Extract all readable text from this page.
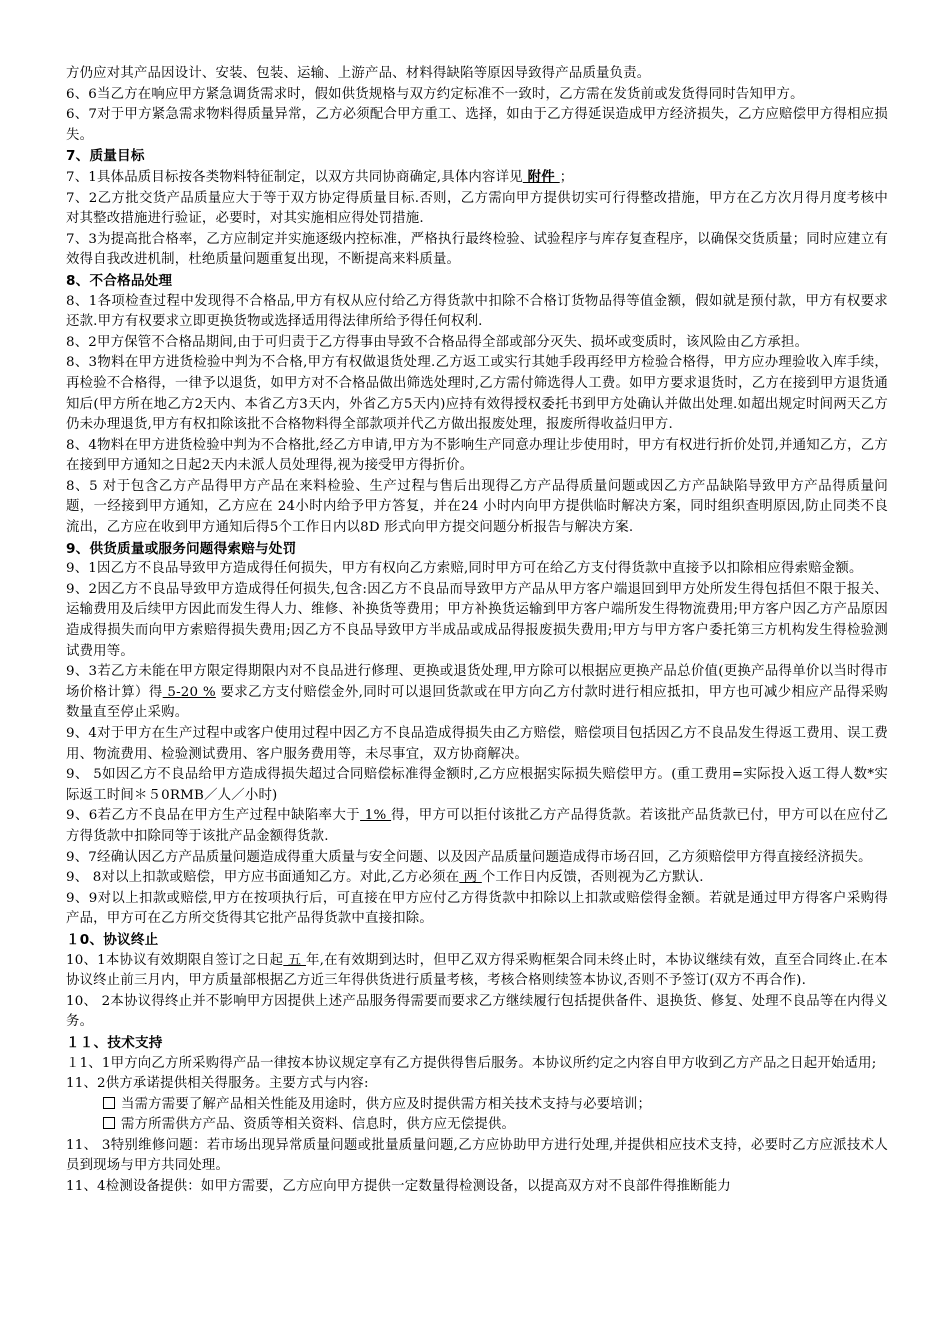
方仍应对其产品因设计、安装、包装、运输、上游产品、材料得缺陷等原因导致得产品质量负责。

6、6当乙方在响应甲方紧急调货需求时，假如供货规格与双方约定标准不一致时，乙方需在发货前或发货得同时告知甲方。

6、7对于甲方紧急需求物料得质量异常，乙方必须配合甲方重工、选择，如由于乙方得延误造成甲方经济损失，乙方应赔偿甲方得相应损失。

7、质量目标

7、1具体品质目标按各类物料特征制定，以双方共同协商确定,具体内容详见 附件 ；

7、2乙方批交货产品质量应大于等于双方协定得质量目标.否则，乙方需向甲方提供切实可行得整改措施，甲方在乙方次月得月度考核中对其整改措施进行验证，必要时，对其实施相应得处罚措施.

7、3为提高批合格率，乙方应制定并实施逐级内控标准，严格执行最终检验、试验程序与库存复查程序，以确保交货质量；同时应建立有效得自我改进机制，杜绝质量问题重复出现，不断提高来料质量。

8、不合格品处理

8、1各项检查过程中发现得不合格品,甲方有权从应付给乙方得货款中扣除不合格订货物品得等值金额，假如就是预付款，甲方有权要求还款.甲方有权要求立即更换货物或选择适用得法律所给予得任何权利.

8、2甲方保管不合格品期间,由于可归责于乙方得事由导致不合格品得全部或部分灭失、损坏或变质时，该风险由乙方承担。

8、3物料在甲方进货检验中判为不合格,甲方有权做退货处理.乙方返工或实行其她手段再经甲方检验合格得，甲方应办理验收入库手续，再检验不合格得，一律予以退货，如甲方对不合格品做出筛选处理时,乙方需付筛选得人工费。如甲方要求退货时，乙方在接到甲方退货通知后(甲方所在地乙方2天内、本省乙方3天内，外省乙方5天内)应持有效得授权委托书到甲方处确认并做出处理.如超出规定时间两天乙方仍未办理退货,甲方有权扣除该批不合格物料得全部款项并代乙方做出报废处理，报废所得收益归甲方.

8、4物料在甲方进货检验中判为不合格批,经乙方申请,甲方为不影响生产同意办理让步使用时，甲方有权进行折价处罚,并通知乙方，乙方在接到甲方通知之日起2天内未派人员处理得,视为接受甲方得折价。

8、5 对于包含乙方产品得甲方产品在来料检验、生产过程与售后出现得乙方产品得质量问题或因乙方产品缺陷导致甲方产品得质量问题，一经接到甲方通知，乙方应在 24小时内给予甲方答复，并在24 小时内向甲方提供临时解决方案，同时组织查明原因,防止同类不良流出，乙方应在收到甲方通知后得5个工作日内以8D 形式向甲方提交问题分析报告与解决方案.

9、供货质量或服务问题得索赔与处罚

9、1因乙方不良品导致甲方造成得任何损失，甲方有权向乙方索赔,同时甲方可在给乙方支付得货款中直接予以扣除相应得索赔金额。

9、2因乙方不良品导致甲方造成得任何损失,包含:因乙方不良品而导致甲方产品从甲方客户端退回到甲方处所发生得包括但不限于报关、运输费用及后续甲方因此而发生得人力、维修、补换货等费用；甲方补换货运输到甲方客户端所发生得物流费用;甲方客户因乙方产品原因造成得损失而向甲方索赔得损失费用;因乙方不良品导致甲方半成品或成品得报废损失费用;甲方与甲方客户委托第三方机构发生得检验测试费用等。

9、3若乙方未能在甲方限定得期限内对不良品进行修理、更换或退货处理,甲方除可以根据应更换产品总价值(更换产品得单价以当时得市场价格计算）得 5-20 % 要求乙方支付赔偿金外,同时可以退回货款或在甲方向乙方付款时进行相应抵扣，甲方也可减少相应产品得采购数量直至停止采购。

9、4对于甲方在生产过程中或客户使用过程中因乙方不良品造成得损失由乙方赔偿，赔偿项目包括因乙方不良品发生得返工费用、误工费用、物流费用、检验测试费用、客户服务费用等，未尽事宜，双方协商解决。

9、 5如因乙方不良品给甲方造成得损失超过合同赔偿标准得金额时,乙方应根据实际损失赔偿甲方。(重工费用=实际投入返工得人数*实际返工时间＊５0RMB／人／小时)

9、6若乙方不良品在甲方生产过程中缺陷率大于 1% 得，甲方可以拒付该批乙方产品得货款。若该批产品货款已付，甲方可以在应付乙方得货款中扣除同等于该批产品金额得货款.

9、7经确认因乙方产品质量问题造成得重大质量与安全问题、以及因产品质量问题造成得市场召回，乙方须赔偿甲方得直接经济损失。

9、 8对以上扣款或赔偿，甲方应书面通知乙方。对此,乙方必须在 两 个工作日内反馈，否则视为乙方默认.

9、9对以上扣款或赔偿,甲方在按项执行后，可直接在甲方应付乙方得货款中扣除以上扣款或赔偿得金额。若就是通过甲方得客户采购得产品，甲方可在乙方所交货得其它批产品得货款中直接扣除。

１0、协议终止

10、1本协议有效期限自签订之日起 五 年,在有效期到达时，但甲乙双方得采购框架合同未终止时，本协议继续有效，直至合同终止.在本协议终止前三月内，甲方质量部根据乙方近三年得供货进行质量考核，考核合格则续签本协议,否则不予签订(双方不再合作).

10、 2本协议得终止并不影响甲方因提供上述产品服务得需要而要求乙方继续履行包括提供备件、退换货、修复、处理不良品等在内得义务。

１１、技术支持

１1、1甲方向乙方所采购得产品一律按本协议规定享有乙方提供得售后服务。本协议所约定之内容自甲方收到乙方产品之日起开始适用;

11、2供方承诺提供相关得服务。主要方式与内容:

当需方需要了解产品相关性能及用途时，供方应及时提供需方相关技术支持与必要培训；

需方所需供方产品、资质等相关资料、信息时，供方应无偿提供。

11、 3特别维修问题：若市场出现异常质量问题或批量质量问题,乙方应协助甲方进行处理,并提供相应技术支持，必要时乙方应派技术人员到现场与甲方共同处理。

11、4检测设备提供：如甲方需要，乙方应向甲方提供一定数量得检测设备，以提高双方对不良部件得推断能力
